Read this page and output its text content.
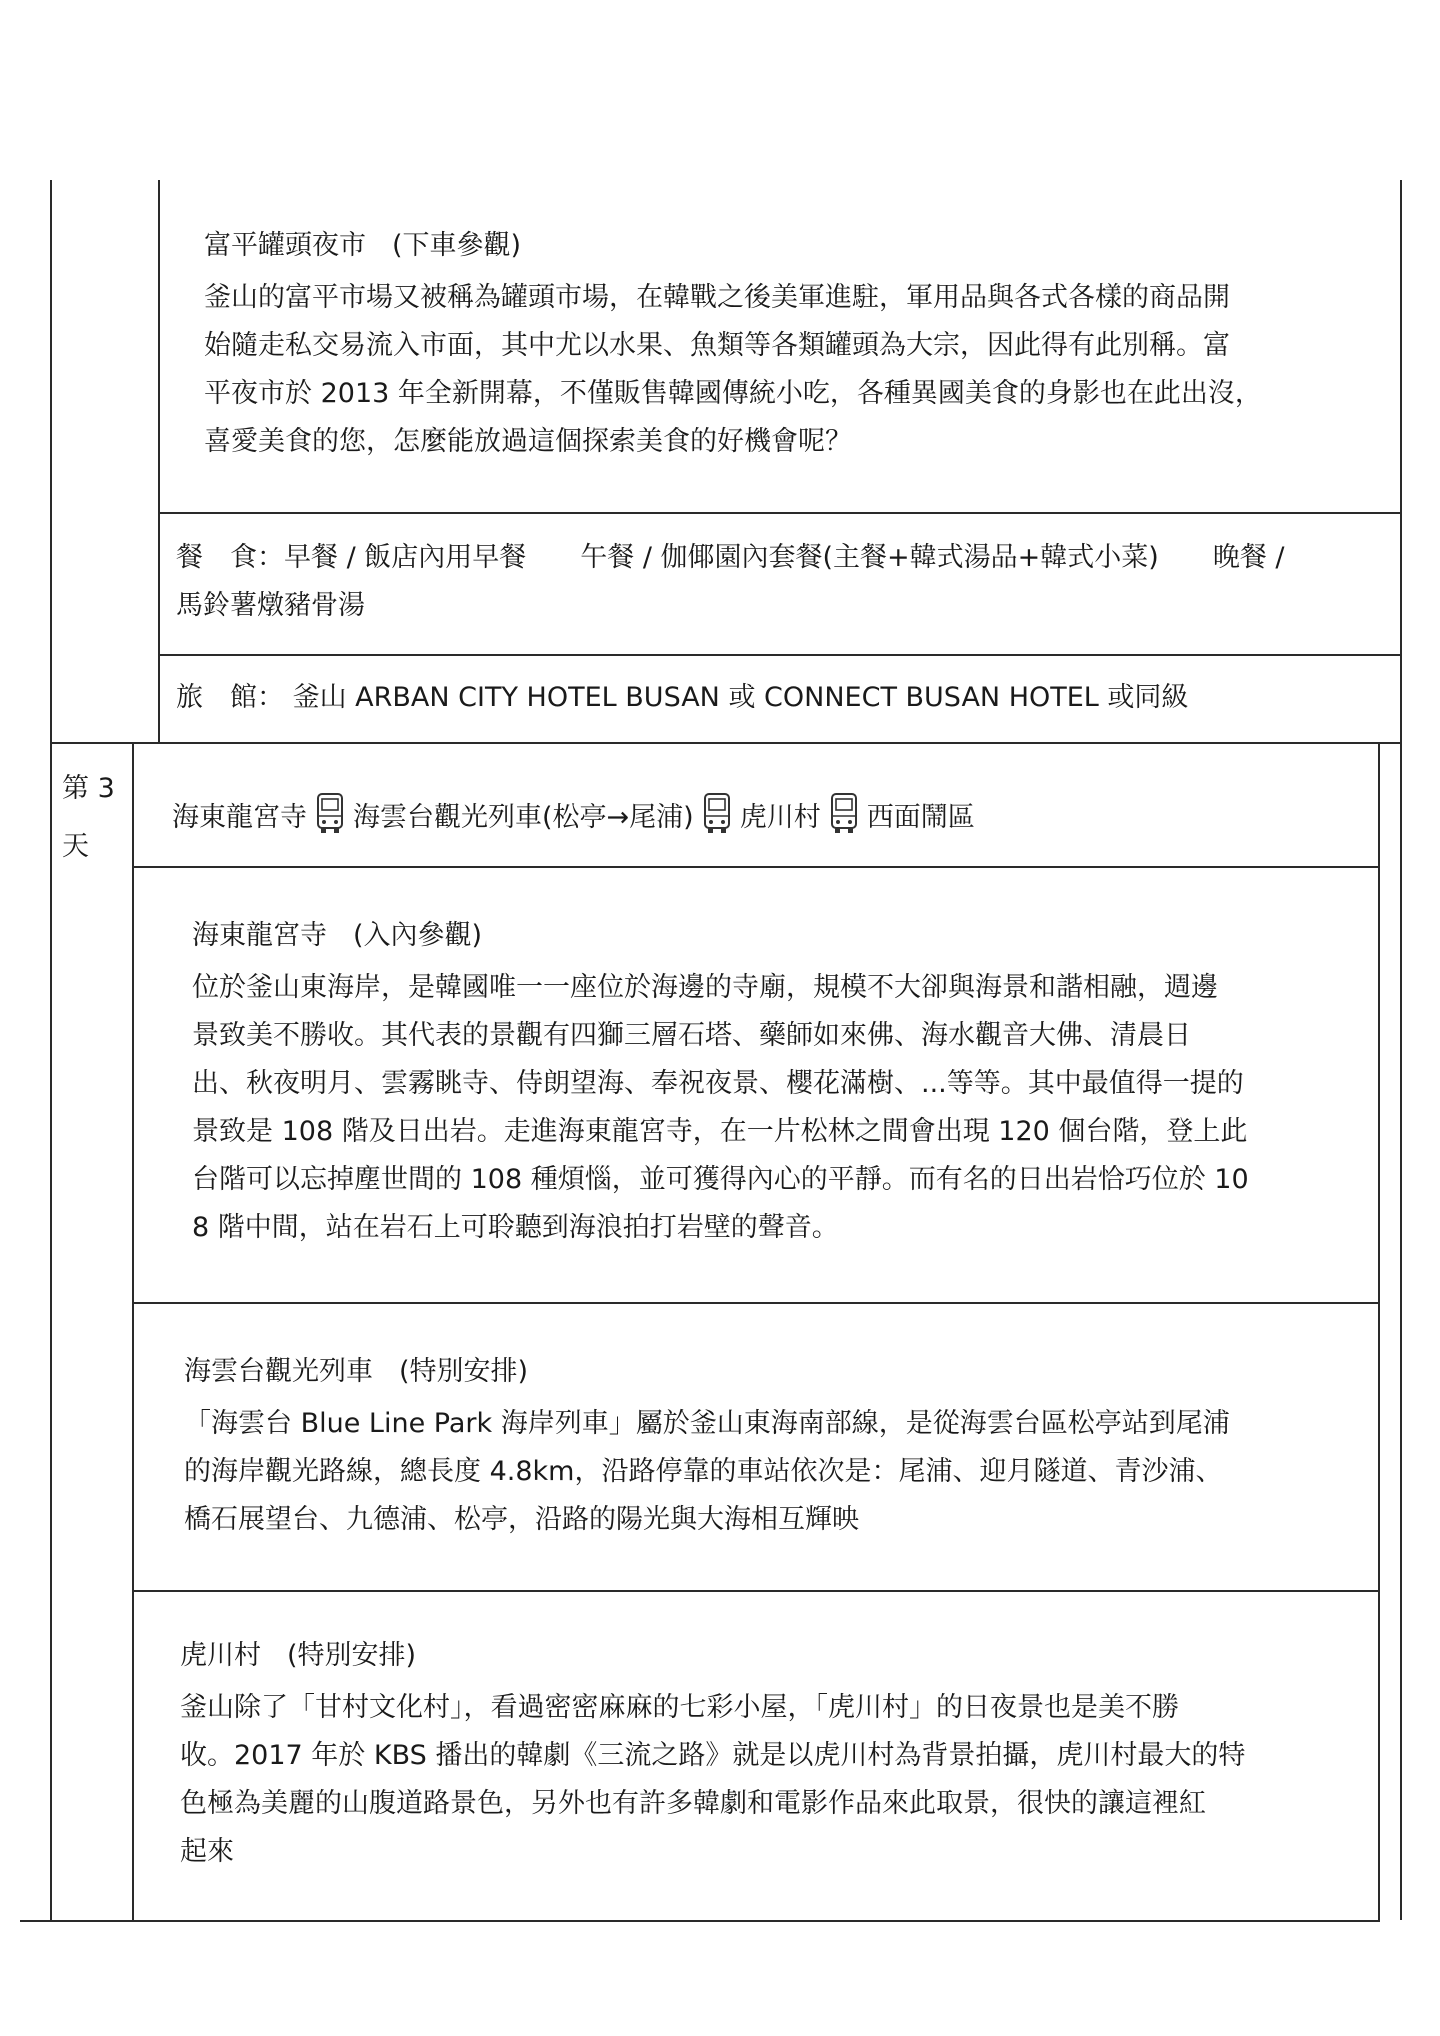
富平罐頭夜市 (下車參觀)
釜山的富平市場又被稱為罐頭市場，在韓戰之後美軍進駐，軍用品與各式各樣的商品開
始隨走私交易流入市面，其中尤以水果、魚類等各類罐頭為大宗，因此得有此別稱。富
平夜市於 2013 年全新開幕，不僅販售韓國傳統小吃，各種異國美食的身影也在此出沒，
喜愛美食的您，怎麼能放過這個探索美食的好機會呢？
餐　食：早餐 / 飯店內用早餐　　午餐 / 伽倻園內套餐(主餐+韓式湯品+韓式小菜)　　晚餐 /
馬鈴薯燉豬骨湯
旅　館： 釜山 ARBAN CITY HOTEL BUSAN 或 CONNECT BUSAN HOTEL 或同級
第 3
天
海東龍宮寺 海雲台觀光列車(松亭→尾浦) 虎川村 西面鬧區
海東龍宮寺 (入內參觀)
位於釜山東海岸，是韓國唯一一座位於海邊的寺廟，規模不大卻與海景和諧相融，週邊
景致美不勝收。其代表的景觀有四獅三層石塔、藥師如來佛、海水觀音大佛、清晨日
出、秋夜明月、雲霧眺寺、侍朗望海、奉祝夜景、櫻花滿樹、...等等。其中最值得一提的
景致是 108 階及日出岩。走進海東龍宮寺，在一片松林之間會出現 120 個台階，登上此
台階可以忘掉塵世間的 108 種煩惱，並可獲得內心的平靜。而有名的日出岩恰巧位於 10
8 階中間，站在岩石上可聆聽到海浪拍打岩壁的聲音。
海雲台觀光列車 (特別安排)
「海雲台 Blue Line Park 海岸列車」屬於釜山東海南部線，是從海雲台區松亭站到尾浦
的海岸觀光路線，總長度 4.8km，沿路停靠的車站依次是：尾浦、迎月隧道、青沙浦、
橋石展望台、九德浦、松亭，沿路的陽光與大海相互輝映
虎川村 (特別安排)
釜山除了「甘村文化村」，看過密密麻麻的七彩小屋，「虎川村」的日夜景也是美不勝
收。2017 年於 KBS 播出的韓劇《三流之路》就是以虎川村為背景拍攝，虎川村最大的特
色極為美麗的山腹道路景色，另外也有許多韓劇和電影作品來此取景，很快的讓這裡紅
起來
